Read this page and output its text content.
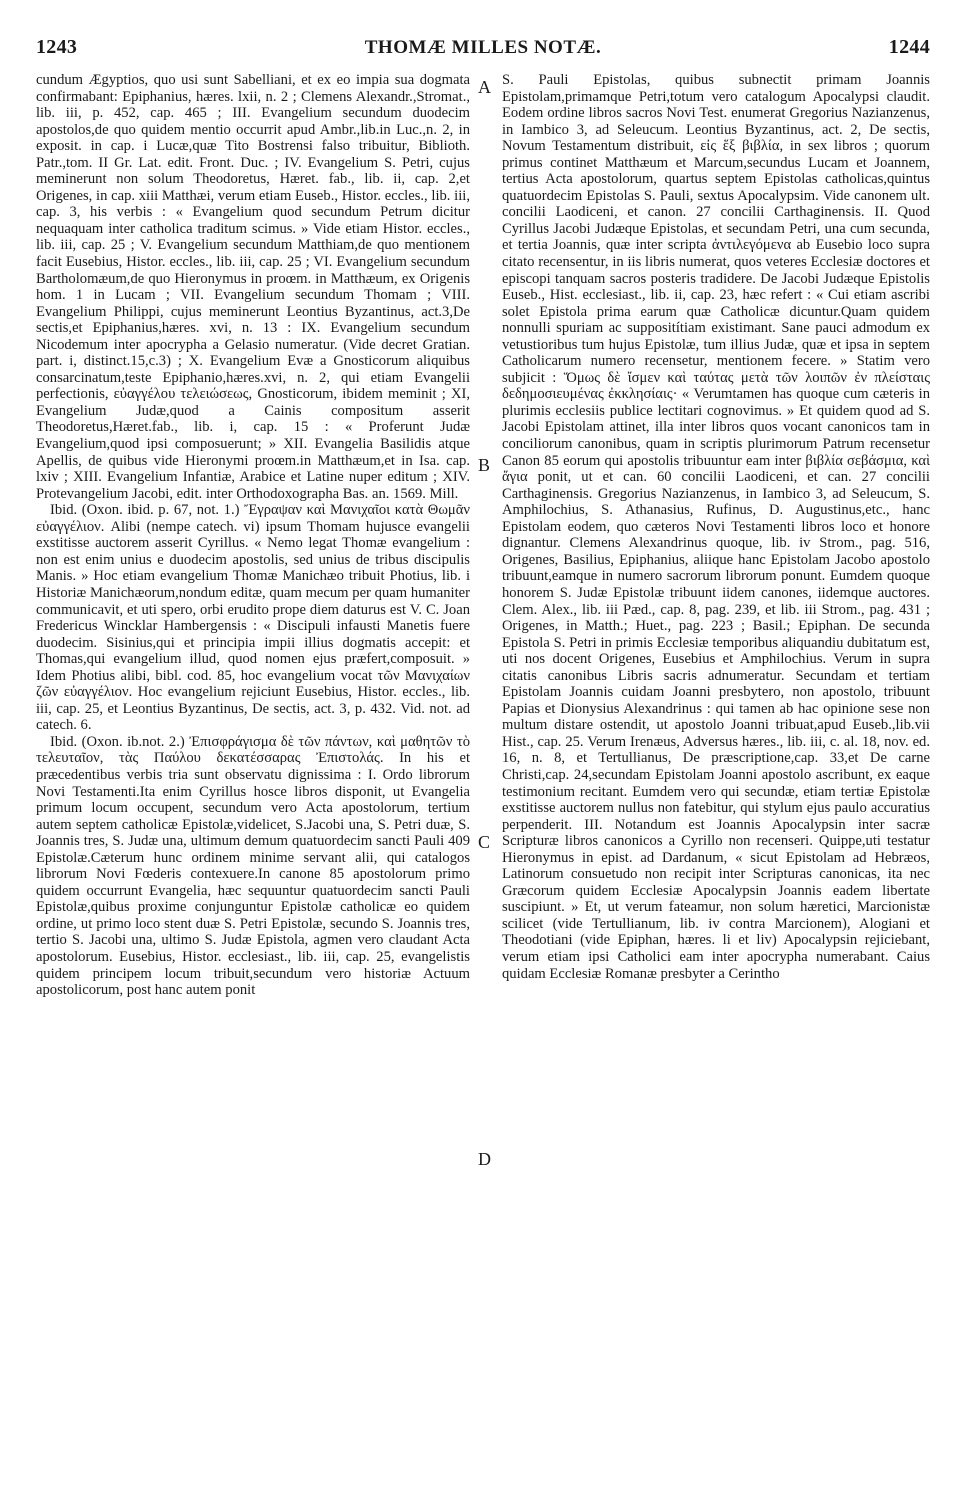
1243	THOMÆ MILLES NOTÆ.	1244
A
B
C
D

cundum Ægyptios, quo usi sunt Sabelliani, et ex eo impia sua dogmata confirmabant: Epiphanius, hæres. lxii, n. 2 ; Clemens Alexandr.,Stromat., lib. iii, p. 452, cap. 465 ; III. Evangelium secundum duodecim apostolos,de quo quidem mentio occurrit apud Ambr.,lib.in Luc.,n. 2, in exposit. in cap. i Lucæ,quæ Tito Bostrensi falso tribuitur, Biblioth. Patr.,tom. II Gr. Lat. edit. Front. Duc. ; IV. Evangelium S. Petri, cujus meminerunt non solum Theodoretus, Hæret. fab., lib. ii, cap. 2,et Origenes, in cap. xiii Matthæi, verum etiam Euseb., Histor. eccles., lib. iii, cap. 3, his verbis : « Evangelium quod secundum Petrum dicitur nequaquam inter catholica traditum scimus. » Vide etiam Histor. eccles., lib. iii, cap. 25 ; V. Evangelium secundum Matthiam,de quo mentionem facit Eusebius, Histor. eccles., lib. iii, cap. 25 ; VI. Evangelium secundum Bartholomæum,de quo Hieronymus in proœm. in Matthæum, ex Origenis hom. 1 in Lucam ; VII. Evangelium secundum Thomam ; VIII. Evangelium Philippi, cujus meminerunt Leontius Byzantinus, act.3,De sectis,et Epiphanius,hæres. xvi, n. 13 : IX. Evangelium secundum Nicodemum inter apocrypha a Gelasio numeratur. (Vide decret Gratian. part. i, distinct.15,c.3) ; X. Evangelium Evæ a Gnosticorum aliquibus consarcinatum,teste Epiphanio,hæres.xvi, n. 2, qui etiam Evangelii perfectionis, εὐαγγέλου τελειώσεως, Gnosticorum, ibidem meminit ; XI, Evangelium Judæ,quod a Cainis compositum asserit Theodoretus,Hæret.fab., lib. i, cap. 15 : « Proferunt Judæ Evangelium,quod ipsi composuerunt; » XII. Evangelia Basilidis atque Apellis, de quibus vide Hieronymi proœm.in Matthæum,et in Isa. cap. lxiv ; XIII. Evangelium Infantiæ, Arabice et Latine nuper editum ; XIV. Protevangelium Jacobi, edit. inter Orthodoxographa Bas. an. 1569. Mill.

Ibid. (Oxon. ibid. p. 67, not. 1.) Ἔγραψαν καὶ Μανιχαῖοι κατὰ Θωμᾶν εὐαγγέλιον. Alibi (nempe catech. vi) ipsum Thomam hujusce evangelii exstitisse auctorem asserit Cyrillus. « Nemo legat Thomæ evangelium : non est enim unius e duodecim apostolis, sed unius de tribus discipulis Manis. » Hoc etiam evangelium Thomæ Manichæo tribuit Photius, lib. i Historiæ Manichæorum,nondum editæ, quam mecum per quam humaniter communicavit, et uti spero, orbi erudito prope diem daturus est V. C. Joan Fredericus Wincklar Hambergensis : « Discipuli infausti Manetis fuere duodecim. Sisinius,qui et principia impii illius dogmatis accepit: et Thomas,qui evangelium illud, quod nomen ejus præfert,composuit. » Idem Photius alibi, bibl. cod. 85, hoc evangelium vocat τῶν Μανιχαίων ζῶν εὐαγγέλιον. Hoc evangelium rejiciunt Eusebius, Histor. eccles., lib. iii, cap. 25, et Leontius Byzantinus, De sectis, act. 3, p. 432. Vid. not. ad catech. 6.

Ibid. (Oxon. ib.not. 2.) Ἐπισφράγισμα δὲ τῶν πάντων, καὶ μαθητῶν τὸ τελευταῖον, τὰς Παύλου δεκατέσσαρας Ἐπιστολάς. In his et præcedentibus verbis tria sunt observatu dignissima : I. Ordo librorum Novi Testamenti.Ita enim Cyrillus hosce libros disponit, ut Evangelia primum locum occupent, secundum vero Acta apostolorum, tertium autem septem catholicæ Epistolæ,videlicet, S.Jacobi una, S. Petri duæ, S. Joannis tres, S. Judæ una, ultimum demum quatuordecim sancti Pauli 409 Epistolæ.Cæterum hunc ordinem minime servant alii, qui catalogos librorum Novi Fœderis contexuere.In canone 85 apostolorum primo quidem occurrunt Evangelia, hæc sequuntur quatuordecim sancti Pauli Epistolæ,quibus proxime conjunguntur Epistolæ catholicæ eo quidem ordine, ut primo loco stent duæ S. Petri Epistolæ, secundo S. Joannis tres, tertio S. Jacobi una, ultimo S. Judæ Epistola, agmen vero claudant Acta apostolorum. Eusebius, Histor. ecclesiast., lib. iii, cap. 25, evangelistis quidem principem locum tribuit,secundum vero historiæ Actuum apostolicorum, post hanc autem ponit

S. Pauli Epistolas, quibus subnectit primam Joannis Epistolam,primamque Petri,totum vero catalogum Apocalypsi claudit. Eodem ordine libros sacros Novi Test. enumerat Gregorius Nazianzenus, in Iambico 3, ad Seleucum. Leontius Byzantinus, act. 2, De sectis, Novum Testamentum distribuit, εἰς ἕξ βιβλία, in sex libros ; quorum primus continet Matthæum et Marcum,secundus Lucam et Joannem, tertius Acta apostolorum, quartus septem Epistolas catholicas,quintus quatuordecim Epistolas S. Pauli, sextus Apocalypsim. Vide canonem ult. concilii Laodiceni, et canon. 27 concilii Carthaginensis. II. Quod Cyrillus Jacobi Judæque Epistolas, et secundam Petri, una cum secunda, et tertia Joannis, quæ inter scripta ἀντιλεγόμενα ab Eusebio loco supra citato recensentur, in iis libris numerat, quos veteres Ecclesiæ doctores et episcopi tanquam sacros posteris tradidere. De Jacobi Judæque Epistolis Euseb., Hist. ecclesiast., lib. ii, cap. 23, hæc refert : « Cui etiam ascribi solet Epistola prima earum quæ Catholicæ dicuntur.Quam quidem nonnulli spuriam ac suppositítiam existimant. Sane pauci admodum ex vetustioribus tum hujus Epistolæ, tum illius Judæ, quæ et ipsa in septem Catholicarum numero recensetur, mentionem fecere. » Statim vero subjicit : Ὅμως δὲ ἴσμεν καὶ ταύτας μετὰ τῶν λοιπῶν ἐν πλείσταις δεδημοσιευμένας ἐκκλησίαις· « Verumtamen has quoque cum cæteris in plurimis ecclesiis publice lectitari cognovimus. » Et quidem quod ad S. Jacobi Epistolam attinet, illa inter libros quos vocant canonicos tam in conciliorum canonibus, quam in scriptis plurimorum Patrum recensetur Canon 85 eorum qui apostolis tribuuntur eam inter βιβλία σεβάσμια, καὶ ἅγια ponit, ut et can. 60 concilii Laodiceni, et can. 27 concilii Carthaginensis. Gregorius Nazianzenus, in Iambico 3, ad Seleucum, S. Amphilochius, S. Athanasius, Rufinus, D. Augustinus,etc., hanc Epistolam eodem, quo cæteros Novi Testamenti libros loco et honore dignantur. Clemens Alexandrinus quoque, lib. iv Strom., pag. 516, Origenes, Basilius, Epiphanius, aliique hanc Epistolam Jacobo apostolo tribuunt,eamque in numero sacrorum librorum ponunt. Eumdem quoque honorem S. Judæ Epistolæ tribuunt iidem canones, iidemque auctores. Clem. Alex., lib. iii Pæd., cap. 8, pag. 239, et lib. iii Strom., pag. 431 ; Origenes, in Matth.; Huet., pag. 223 ; Basil.; Epiphan. De secunda Epistola S. Petri in primis Ecclesiæ temporibus aliquandiu dubitatum est, uti nos docent Origenes, Eusebius et Amphilochius. Verum in supra citatis canonibus Libris sacris adnumeratur. Secundam et tertiam Epistolam Joannis cuidam Joanni presbytero, non apostolo, tribuunt Papias et Dionysius Alexandrinus : qui tamen ab hac opinione sese non multum distare ostendit, ut apostolo Joanni tribuat,apud Euseb.,lib.vii Hist., cap. 25. Verum Irenæus, Adversus hæres., lib. iii, c. al. 18, nov. ed. 16, n. 8, et Tertullianus, De præscriptione,cap. 33,et De carne Christi,cap. 24,secundam Epistolam Joanni apostolo ascribunt, ex eaque testimonium recitant. Eumdem vero qui secundæ, etiam tertiæ Epistolæ exstitisse auctorem nullus non fatebitur, qui stylum ejus paulo accuratius perpenderit. III. Notandum est Joannis Apocalypsin inter sacræ Scripturæ libros canonicos a Cyrillo non recenseri. Quippe,uti testatur Hieronymus in epist. ad Dardanum, « sicut Epistolam ad Hebræos, Latinorum consuetudo non recipit inter Scripturas canonicas, ita nec Græcorum quidem Ecclesiæ Apocalypsin Joannis eadem libertate suscipiunt. » Et, ut verum fateamur, non solum hæretici, Marcionistæ scilicet (vide Tertullianum, lib. iv contra Marcionem), Alogiani et Theodotiani (vide Epiphan, hæres. li et liv) Apocalypsin rejiciebant, verum etiam ipsi Catholici eam inter apocrypha numerabant. Caius quidam Ecclesiæ Romanæ presbyter a Cerintho
